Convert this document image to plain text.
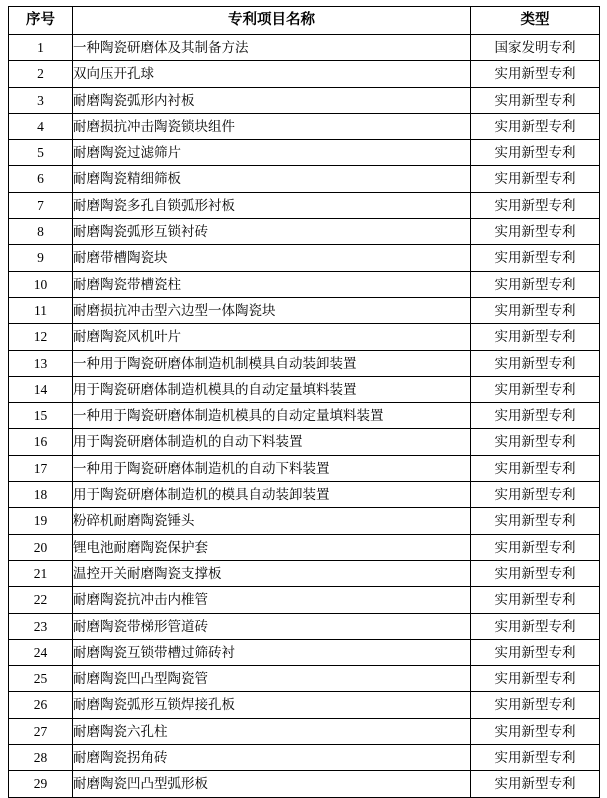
序号	专利项目名称	类型
1	一种陶瓷研磨体及其制备方法	国家发明专利
2	双向压开孔球	实用新型专利
3	耐磨陶瓷弧形内衬板	实用新型专利
4	耐磨损抗冲击陶瓷锁块组件	实用新型专利
5	耐磨陶瓷过滤筛片	实用新型专利
6	耐磨陶瓷精细筛板	实用新型专利
7	耐磨陶瓷多孔自锁弧形衬板	实用新型专利
8	耐磨陶瓷弧形互锁衬砖	实用新型专利
9	耐磨带槽陶瓷块	实用新型专利
10	耐磨陶瓷带槽瓷柱	实用新型专利
11	耐磨损抗冲击型六边型一体陶瓷块	实用新型专利
12	耐磨陶瓷风机叶片	实用新型专利
13	一种用于陶瓷研磨体制造机制模具自动装卸装置	实用新型专利
14	用于陶瓷研磨体制造机模具的自动定量填料装置	实用新型专利
15	一种用于陶瓷研磨体制造机模具的自动定量填料装置	实用新型专利
16	用于陶瓷研磨体制造机的自动下料装置	实用新型专利
17	一种用于陶瓷研磨体制造机的自动下料装置	实用新型专利
18	用于陶瓷研磨体制造机的模具自动装卸装置	实用新型专利
19	粉碎机耐磨陶瓷锤头	实用新型专利
20	锂电池耐磨陶瓷保护套	实用新型专利
21	温控开关耐磨陶瓷支撑板	实用新型专利
22	耐磨陶瓷抗冲击内椎管	实用新型专利
23	耐磨陶瓷带梯形管道砖	实用新型专利
24	耐磨陶瓷互锁带槽过筛砖衬	实用新型专利
25	耐磨陶瓷凹凸型陶瓷管	实用新型专利
26	耐磨陶瓷弧形互锁焊接孔板	实用新型专利
27	耐磨陶瓷六孔柱	实用新型专利
28	耐磨陶瓷拐角砖	实用新型专利
29	耐磨陶瓷凹凸型弧形板	实用新型专利
